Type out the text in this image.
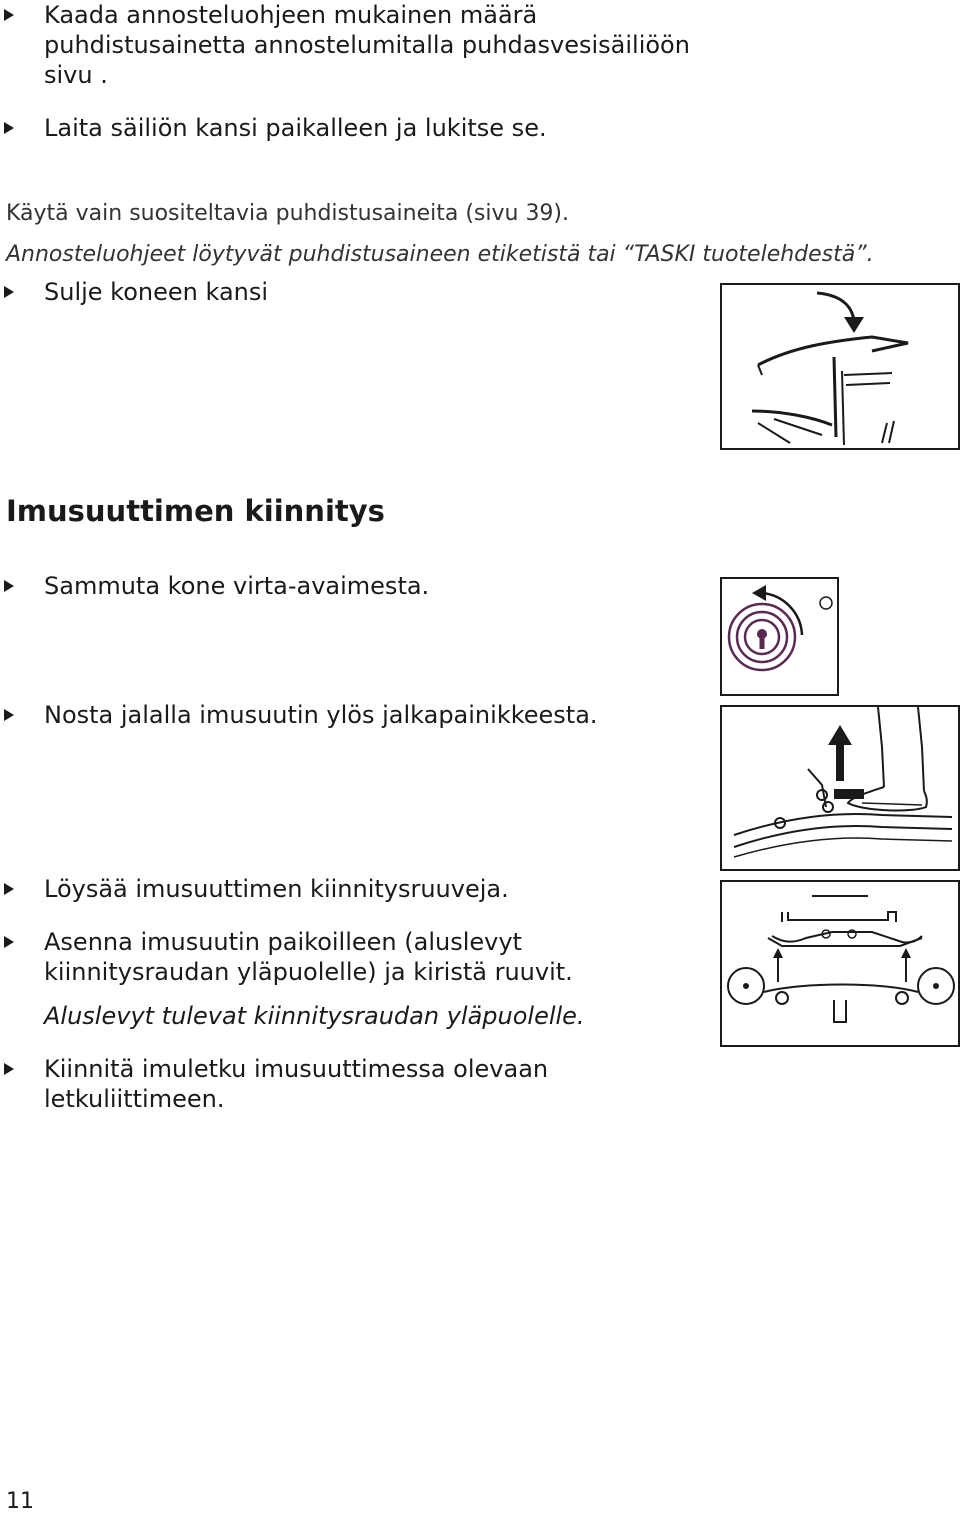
Kaada annosteluohjeen mukainen määrä
puhdistusainetta annostelumitalla puhdasvesisäiliöön
sivu .
Laita säiliön kansi paikalleen ja lukitse se.
Käytä vain suositeltavia puhdistusaineita (sivu 39).
Annosteluohjeet löytyvät puhdistusaineen etiketistä tai “TASKI tuotelehdestä”.
Sulje koneen kansi
Imusuuttimen kiinnitys
Sammuta kone virta-avaimesta.
Nosta jalalla imusuutin ylös jalkapainikkeesta.
Löysää imusuuttimen kiinnitysruuveja.
Asenna imusuutin paikoilleen (aluslevyt
kiinnitysraudan yläpuolelle) ja kiristä ruuvit.
Aluslevyt tulevat kiinnitysraudan yläpuolelle.
Kiinnitä imuletku imusuuttimessa olevaan
letkuliittimeen.
11
